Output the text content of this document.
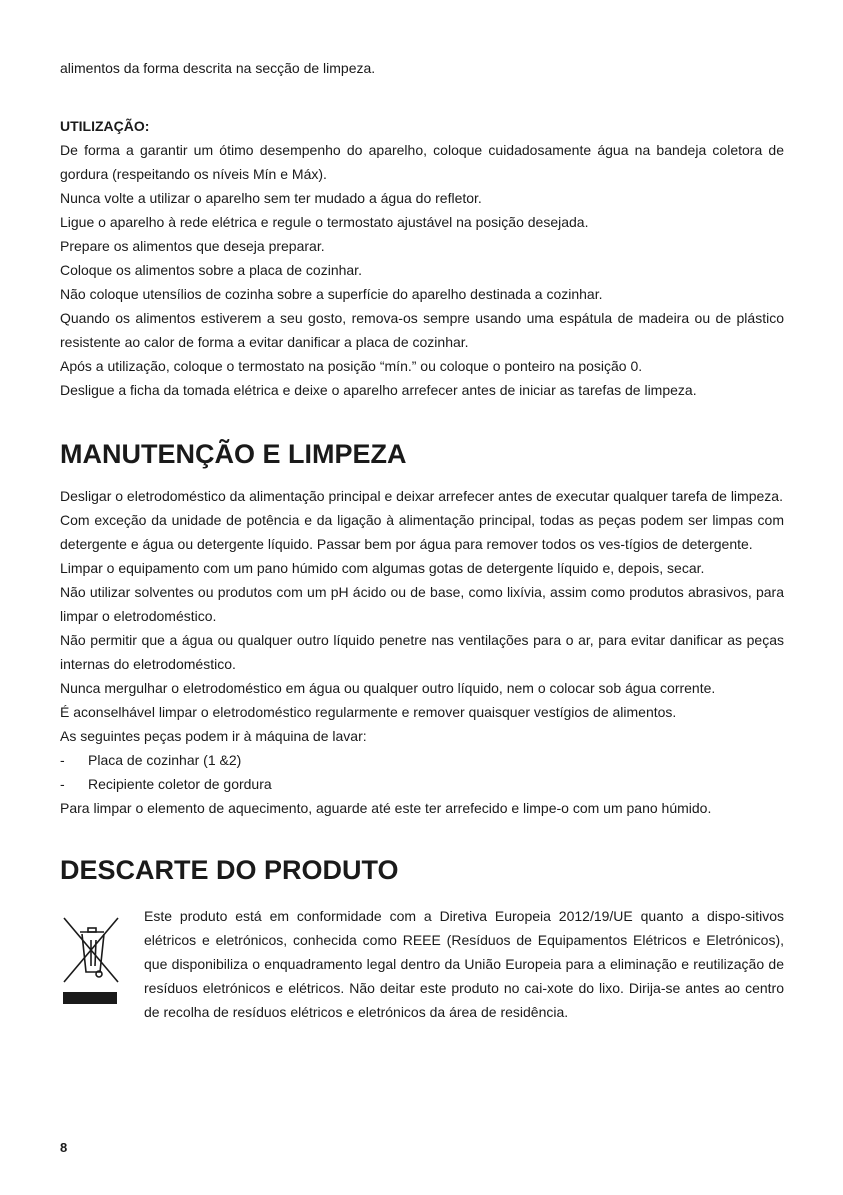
alimentos da forma descrita na secção de limpeza.

UTILIZAÇÃO:

De forma a garantir um ótimo desempenho do aparelho, coloque cuidadosamente água na bandeja coletora de gordura (respeitando os níveis Mín e Máx).

Nunca volte a utilizar o aparelho sem ter mudado a água do refletor.

Ligue o aparelho à rede elétrica e regule o termostato ajustável na posição desejada.

Prepare os alimentos que deseja preparar.

Coloque os alimentos sobre a placa de cozinhar.

Não coloque utensílios de cozinha sobre a superfície do aparelho destinada a cozinhar.

Quando os alimentos estiverem a seu gosto, remova-os sempre usando uma espátula de madeira ou de plástico resistente ao calor de forma a evitar danificar a placa de cozinhar.

Após a utilização, coloque o termostato na posição “mín.” ou coloque o ponteiro na posição 0.

Desligue a ficha da tomada elétrica e deixe o aparelho arrefecer antes de iniciar as tarefas de limpeza.

MANUTENÇÃO E LIMPEZA

Desligar o eletrodoméstico da alimentação principal e deixar arrefecer antes de executar qualquer tarefa de limpeza.

Com exceção da unidade de potência e da ligação à alimentação principal, todas as peças podem ser limpas com detergente e água ou detergente líquido. Passar bem por água para remover todos os ves-tígios de detergente.

Limpar o equipamento com um pano húmido com algumas gotas de detergente líquido e, depois, secar.

Não utilizar solventes ou produtos com um pH ácido ou de base, como lixívia, assim como produtos abrasivos, para limpar o eletrodoméstico.

Não permitir que a água ou qualquer outro líquido penetre nas ventilações para o ar, para evitar danificar as peças internas do eletrodoméstico.

Nunca mergulhar o eletrodoméstico em água ou qualquer outro líquido, nem o colocar sob água corrente.

É aconselhável limpar o eletrodoméstico regularmente e remover quaisquer vestígios de alimentos.

As seguintes peças podem ir à máquina de lavar:

-	Placa de cozinhar (1 &2)
-	Recipiente coletor de gordura

Para limpar o elemento de aquecimento, aguarde até este ter arrefecido e limpe-o com um pano húmido.

DESCARTE DO PRODUTO

Este produto está em conformidade com a Diretiva Europeia 2012/19/UE quanto a dispo-sitivos elétricos e eletrónicos, conhecida como REEE (Resíduos de Equipamentos Elétricos e Eletrónicos), que disponibiliza o enquadramento legal dentro da União Europeia para a eliminação e reutilização de resíduos eletrónicos e elétricos. Não deitar este produto no cai-xote do lixo. Dirija-se antes ao centro de recolha de resíduos elétricos e eletrónicos da área de residência.

8
